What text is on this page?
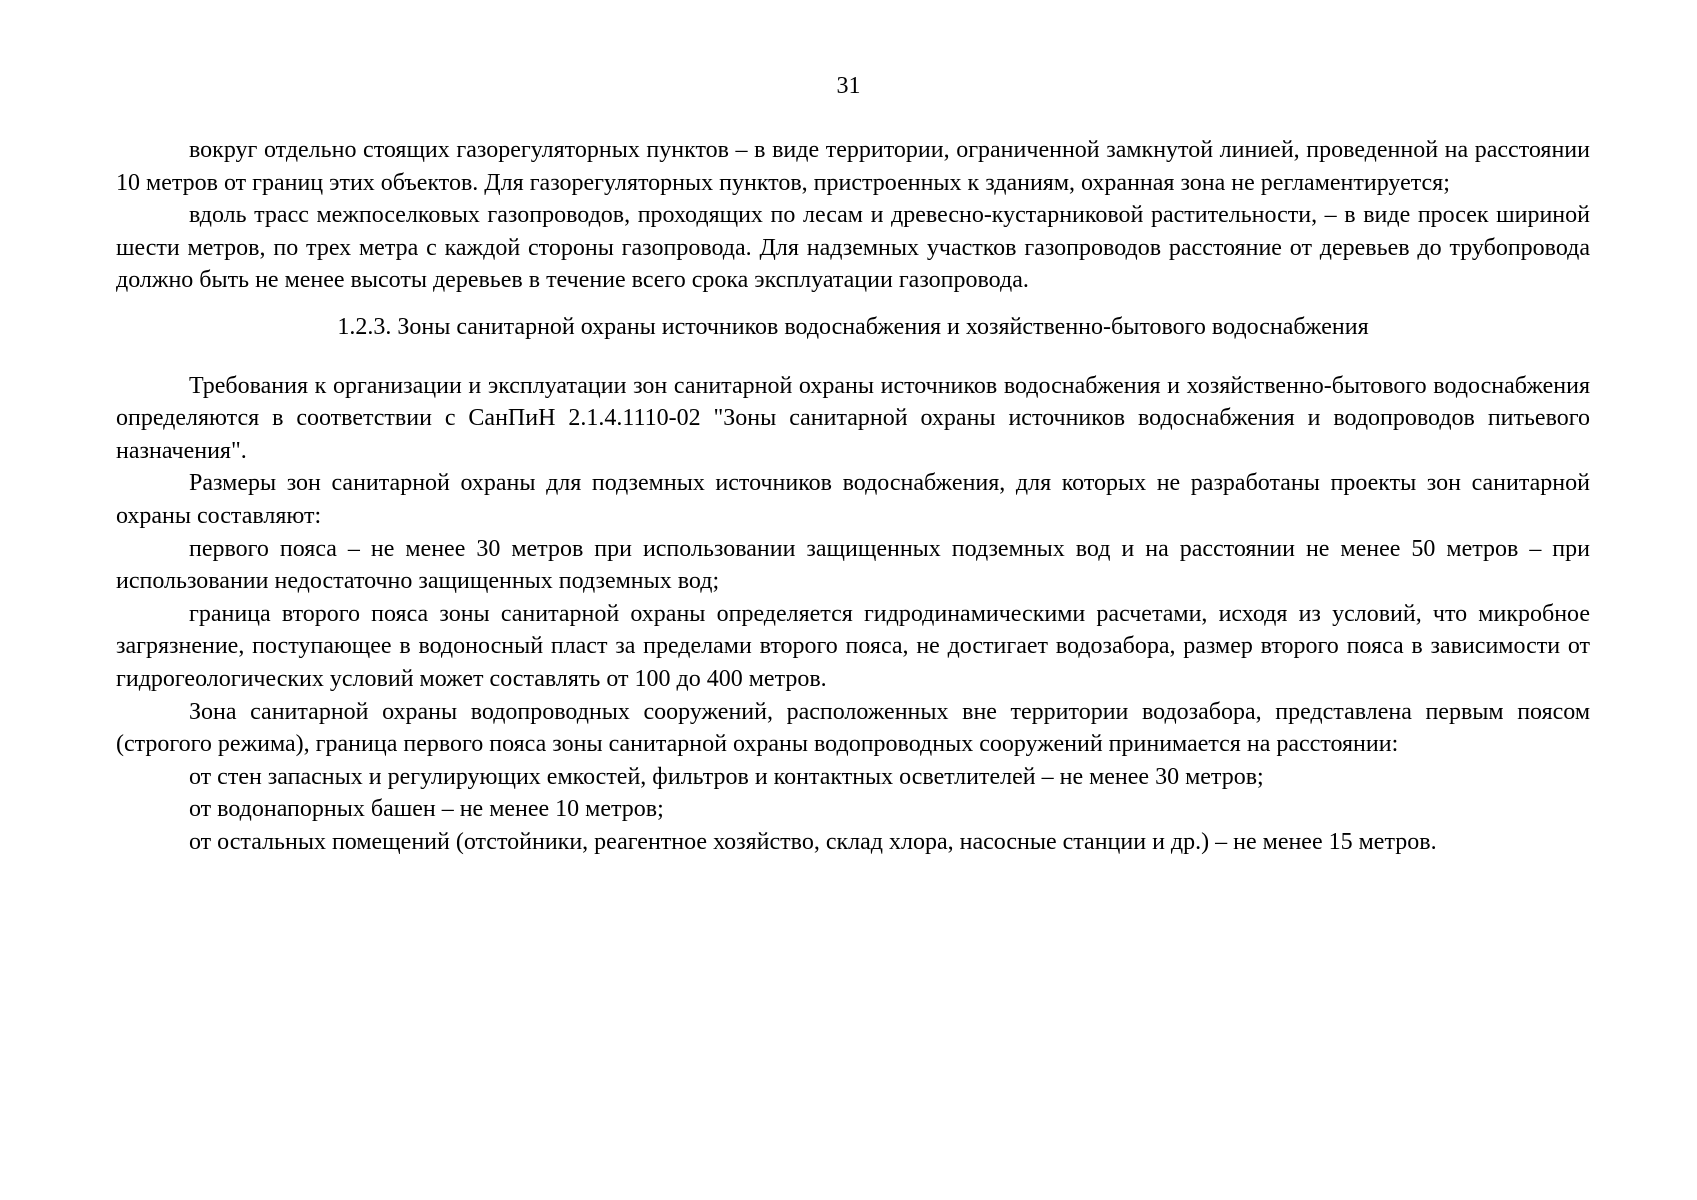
31

вокруг отдельно стоящих газорегуляторных пунктов – в виде территории, ограниченной замкнутой линией, проведенной на расстоянии 10 метров от границ этих объектов. Для газорегуляторных пунктов, пристроенных к зданиям, охранная зона не регламентируется;

вдоль трасс межпоселковых газопроводов, проходящих по лесам и древесно-кустарниковой растительности, – в виде просек шириной шести метров, по трех метра с каждой стороны газопровода. Для надземных участков газопроводов расстояние от деревьев до трубопровода должно быть не менее высоты деревьев в течение всего срока эксплуатации газопровода.

1.2.3. Зоны санитарной охраны источников водоснабжения и хозяйственно-бытового водоснабжения

Требования к организации и эксплуатации зон санитарной охраны источников водоснабжения и хозяйственно-бытового водоснабжения определяются в соответствии с СанПиН 2.1.4.1110-02 "Зоны санитарной охраны источников водоснабжения и водопроводов питьевого назначения".

Размеры зон санитарной охраны для подземных источников водоснабжения, для которых не разработаны проекты зон санитарной охраны составляют:

первого пояса – не менее 30 метров при использовании защищенных подземных вод и на расстоянии не менее 50 метров – при использовании недостаточно защищенных подземных вод;

граница второго пояса зоны санитарной охраны определяется гидродинамическими расчетами, исходя из условий, что микробное загрязнение, поступающее в водоносный пласт за пределами второго пояса, не достигает водозабора, размер второго пояса в зависимости от гидрогеологических условий может составлять от 100 до 400 метров.

Зона санитарной охраны водопроводных сооружений, расположенных вне территории водозабора, представлена первым поясом (строгого режима), граница первого пояса зоны санитарной охраны водопроводных сооружений принимается на расстоянии:

от стен запасных и регулирующих емкостей, фильтров и контактных осветлителей – не менее 30 метров;

от водонапорных башен – не менее 10 метров;

от остальных помещений (отстойники, реагентное хозяйство, склад хлора, насосные станции и др.) – не менее 15 метров.
